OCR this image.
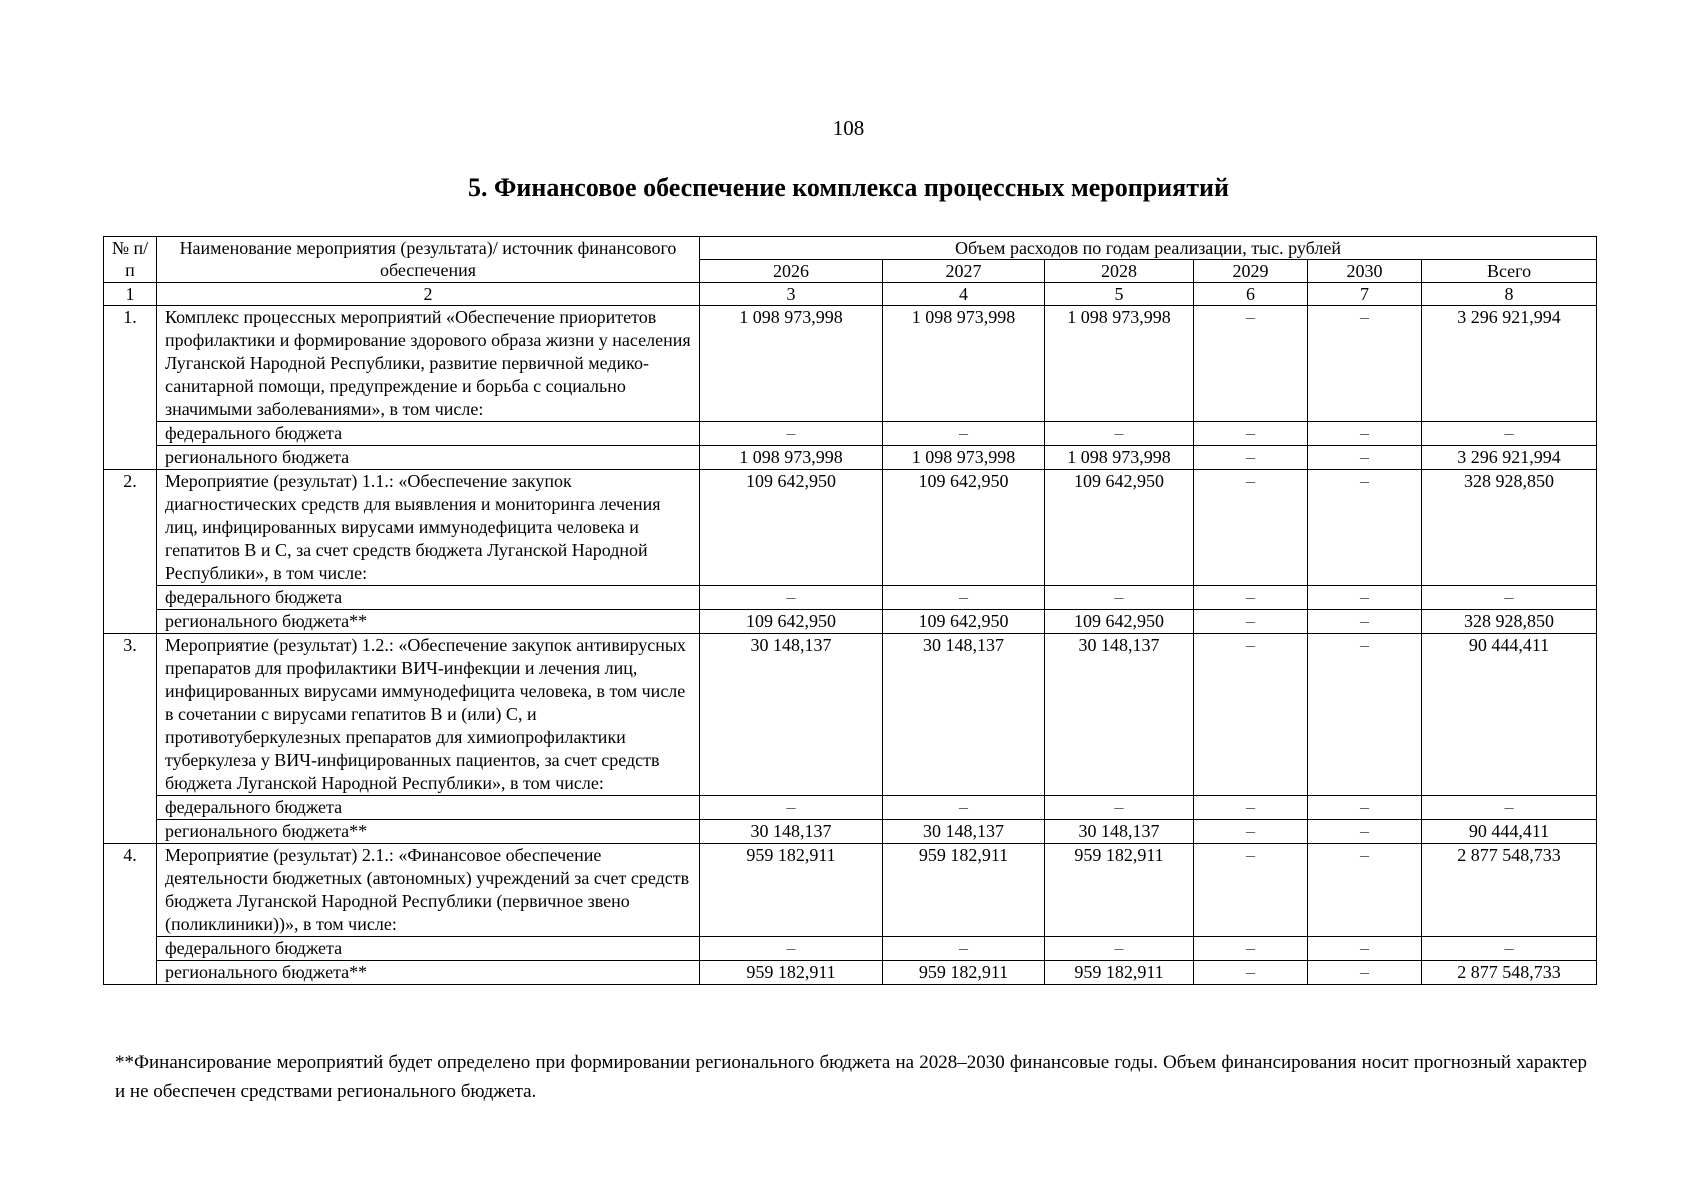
108
5. Финансовое обеспечение комплекса процессных мероприятий
№ п/п	Наименование мероприятия (результата)/ источник финансового обеспечения	Объем расходов по годам реализации, тыс. рублей					
		2026	2027	2028	2029	2030	Всего
1	2	3	4	5	6	7	8
1.	Комплекс процессных мероприятий «Обеспечение приоритетов профилактики и формирование здорового образа жизни у населения Луганской Народной Республики, развитие первичной медико-санитарной помощи, предупреждение и борьба с социально значимыми заболеваниями», в том числе:	1 098 973,998	1 098 973,998	1 098 973,998	–	–	3 296 921,994
	федерального бюджета	–	–	–	–	–	–
	регионального бюджета	1 098 973,998	1 098 973,998	1 098 973,998	–	–	3 296 921,994
2.	Мероприятие (результат) 1.1.: «Обеспечение закупок диагностических средств для выявления и мониторинга лечения лиц, инфицированных вирусами иммунодефицита человека и гепатитов В и С, за счет средств бюджета Луганской Народной Республики», в том числе:	109 642,950	109 642,950	109 642,950	–	–	328 928,850
	федерального бюджета	–	–	–	–	–	–
	регионального бюджета**	109 642,950	109 642,950	109 642,950	–	–	328 928,850
3.	Мероприятие (результат) 1.2.: «Обеспечение закупок антивирусных препаратов для профилактики ВИЧ-инфекции и лечения лиц, инфицированных вирусами иммунодефицита человека, в том числе в сочетании с вирусами гепатитов В и (или) С, и противотуберкулезных препаратов для химиопрофилактики туберкулеза у ВИЧ-инфицированных пациентов, за счет средств бюджета Луганской Народной Республики», в том числе:	30 148,137	30 148,137	30 148,137	–	–	90 444,411
	федерального бюджета	–	–	–	–	–	–
	регионального бюджета**	30 148,137	30 148,137	30 148,137	–	–	90 444,411
4.	Мероприятие (результат) 2.1.: «Финансовое обеспечение деятельности бюджетных (автономных) учреждений за счет средств бюджета Луганской Народной Республики (первичное звено (поликлиники))», в том числе:	959 182,911	959 182,911	959 182,911	–	–	2 877 548,733
	федерального бюджета	–	–	–	–	–	–
	регионального бюджета**	959 182,911	959 182,911	959 182,911	–	–	2 877 548,733
**Финансирование мероприятий будет определено при формировании регионального бюджета на 2028–2030 финансовые годы. Объем финансирования носит прогнозный характер и не обеспечен средствами регионального бюджета.
